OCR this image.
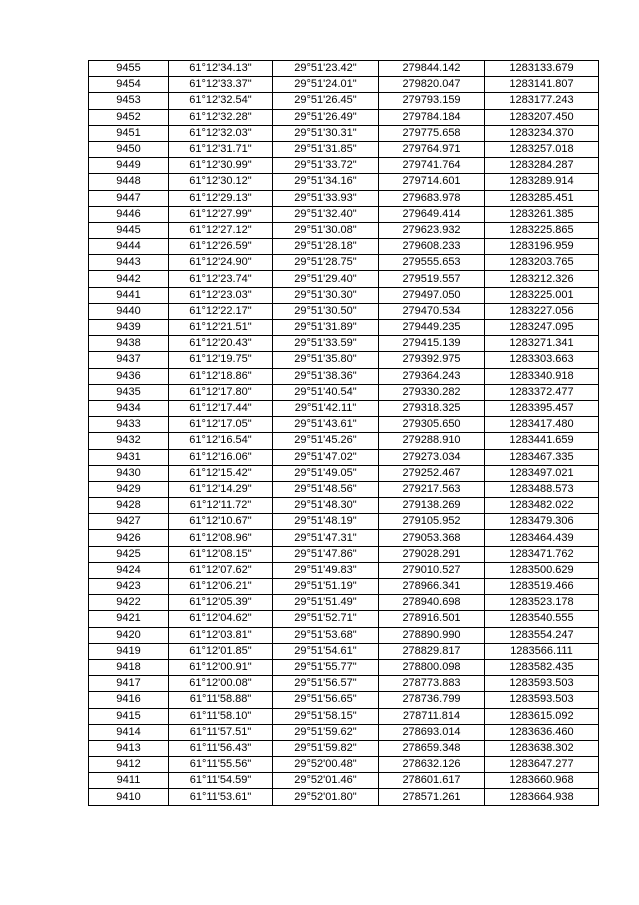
9455	61°12'34.13"	29°51'23.42"	279844.142	1283133.679
9454	61°12'33.37"	29°51'24.01"	279820.047	1283141.807
9453	61°12'32.54"	29°51'26.45"	279793.159	1283177.243
9452	61°12'32.28"	29°51'26.49"	279784.184	1283207.450
9451	61°12'32.03"	29°51'30.31"	279775.658	1283234.370
9450	61°12'31.71"	29°51'31.85"	279764.971	1283257.018
9449	61°12'30.99"	29°51'33.72"	279741.764	1283284.287
9448	61°12'30.12"	29°51'34.16"	279714.601	1283289.914
9447	61°12'29.13"	29°51'33.93"	279683.978	1283285.451
9446	61°12'27.99"	29°51'32.40"	279649.414	1283261.385
9445	61°12'27.12"	29°51'30.08"	279623.932	1283225.865
9444	61°12'26.59"	29°51'28.18"	279608.233	1283196.959
9443	61°12'24.90"	29°51'28.75"	279555.653	1283203.765
9442	61°12'23.74"	29°51'29.40"	279519.557	1283212.326
9441	61°12'23.03"	29°51'30.30"	279497.050	1283225.001
9440	61°12'22.17"	29°51'30.50"	279470.534	1283227.056
9439	61°12'21.51"	29°51'31.89"	279449.235	1283247.095
9438	61°12'20.43"	29°51'33.59"	279415.139	1283271.341
9437	61°12'19.75"	29°51'35.80"	279392.975	1283303.663
9436	61°12'18.86"	29°51'38.36"	279364.243	1283340.918
9435	61°12'17.80"	29°51'40.54"	279330.282	1283372.477
9434	61°12'17.44"	29°51'42.11"	279318.325	1283395.457
9433	61°12'17.05"	29°51'43.61"	279305.650	1283417.480
9432	61°12'16.54"	29°51'45.26"	279288.910	1283441.659
9431	61°12'16.06"	29°51'47.02"	279273.034	1283467.335
9430	61°12'15.42"	29°51'49.05"	279252.467	1283497.021
9429	61°12'14.29"	29°51'48.56"	279217.563	1283488.573
9428	61°12'11.72"	29°51'48.30"	279138.269	1283482.022
9427	61°12'10.67"	29°51'48.19"	279105.952	1283479.306
9426	61°12'08.96"	29°51'47.31"	279053.368	1283464.439
9425	61°12'08.15"	29°51'47.86"	279028.291	1283471.762
9424	61°12'07.62"	29°51'49.83"	279010.527	1283500.629
9423	61°12'06.21"	29°51'51.19"	278966.341	1283519.466
9422	61°12'05.39"	29°51'51.49"	278940.698	1283523.178
9421	61°12'04.62"	29°51'52.71"	278916.501	1283540.555
9420	61°12'03.81"	29°51'53.68"	278890.990	1283554.247
9419	61°12'01.85"	29°51'54.61"	278829.817	1283566.111
9418	61°12'00.91"	29°51'55.77"	278800.098	1283582.435
9417	61°12'00.08"	29°51'56.57"	278773.883	1283593.503
9416	61°11'58.88"	29°51'56.65"	278736.799	1283593.503
9415	61°11'58.10"	29°51'58.15"	278711.814	1283615.092
9414	61°11'57.51"	29°51'59.62"	278693.014	1283636.460
9413	61°11'56.43"	29°51'59.82"	278659.348	1283638.302
9412	61°11'55.56"	29°52'00.48"	278632.126	1283647.277
9411	61°11'54.59"	29°52'01.46"	278601.617	1283660.968
9410	61°11'53.61"	29°52'01.80"	278571.261	1283664.938
